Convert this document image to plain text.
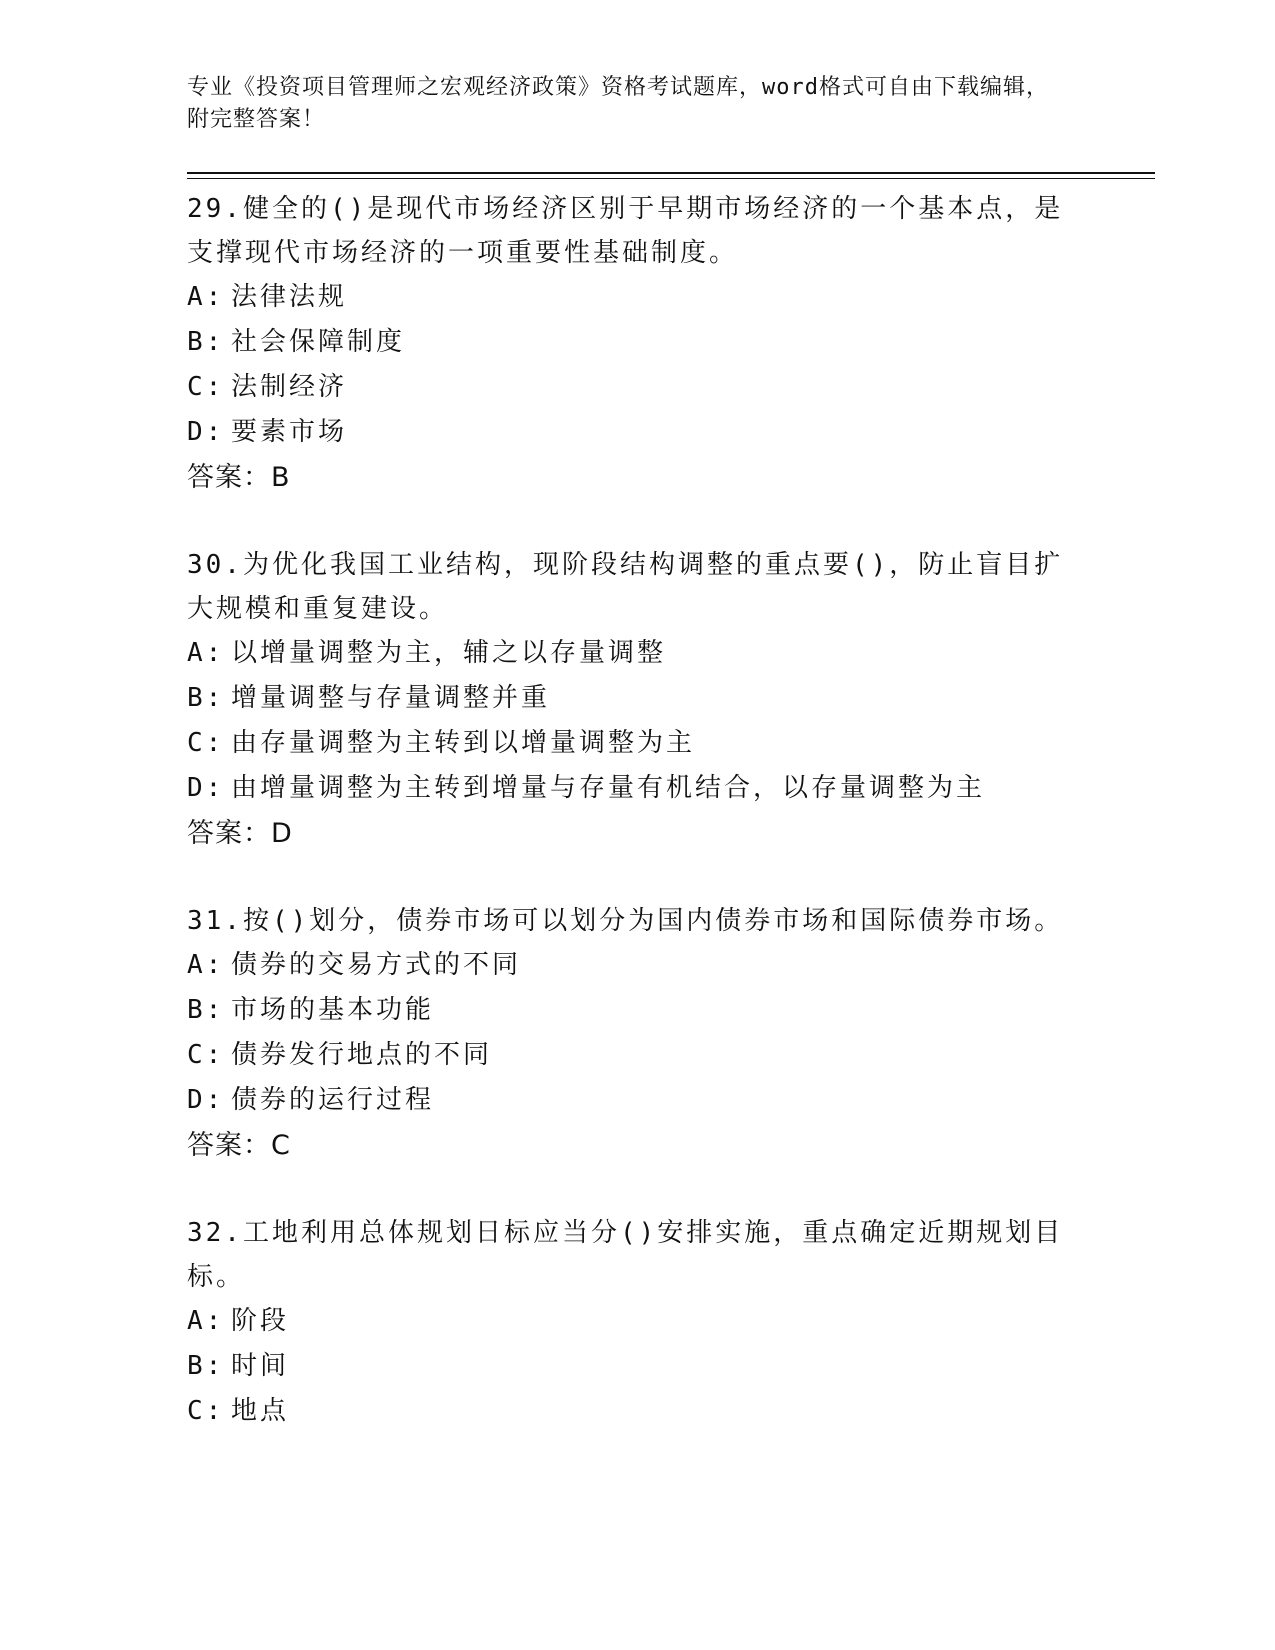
专业《投资项目管理师之宏观经济政策》资格考试题库，word格式可自由下载编辑，附完整答案！

29.健全的()是现代市场经济区别于早期市场经济的一个基本点，是支撑现代市场经济的一项重要性基础制度。

A: 法律法规

B: 社会保障制度

C: 法制经济

D: 要素市场

答案：B

30.为优化我国工业结构，现阶段结构调整的重点要()，防止盲目扩大规模和重复建设。

A: 以增量调整为主，辅之以存量调整

B: 增量调整与存量调整并重

C: 由存量调整为主转到以增量调整为主

D: 由增量调整为主转到增量与存量有机结合，以存量调整为主

答案：D

31.按()划分，债券市场可以划分为国内债券市场和国际债券市场。

A: 债券的交易方式的不同

B: 市场的基本功能

C: 债券发行地点的不同

D: 债券的运行过程

答案：C

32.工地利用总体规划日标应当分()安排实施，重点确定近期规划目标。

A: 阶段

B: 时间

C: 地点
